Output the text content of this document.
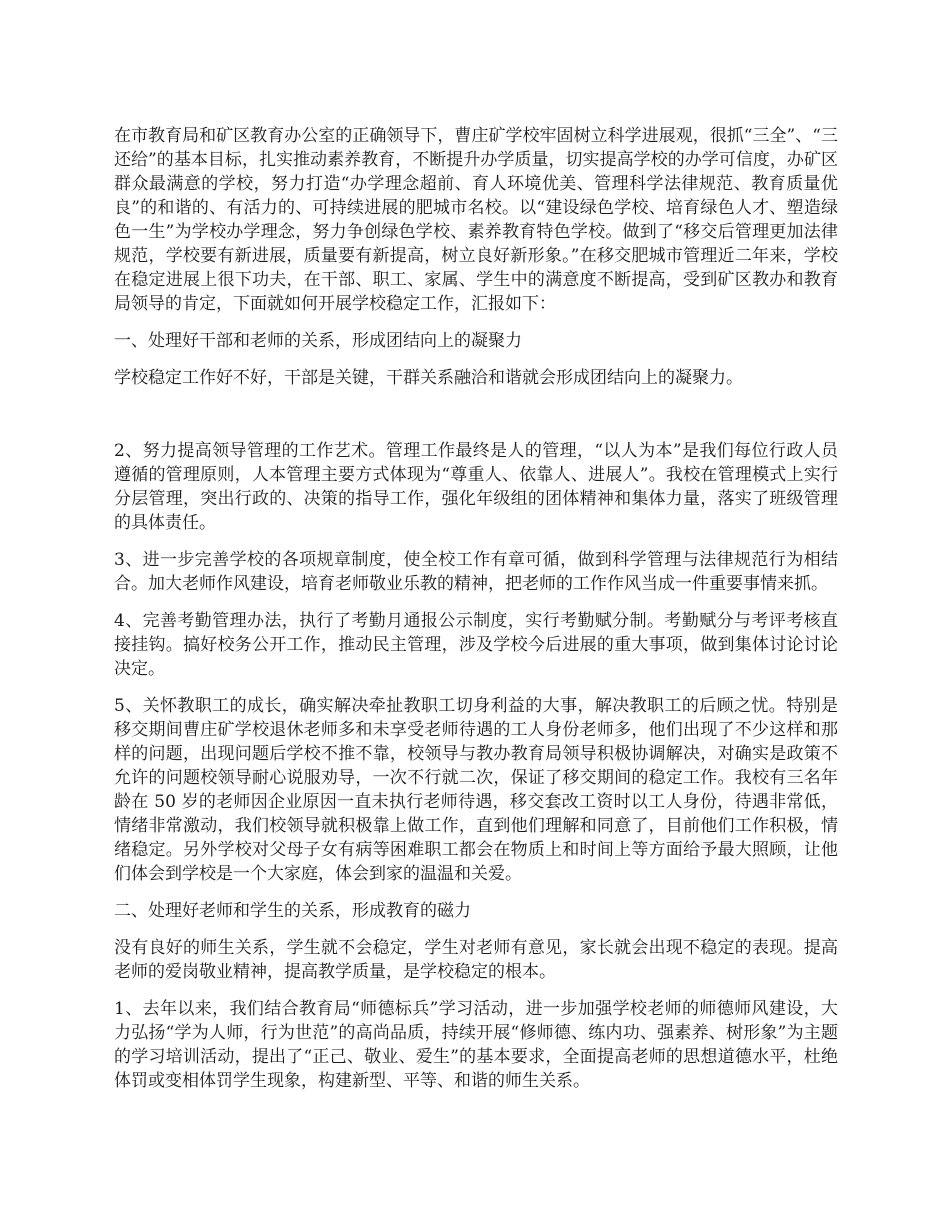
在市教育局和矿区教育办公室的正确领导下，曹庄矿学校牢固树立科学进展观，很抓“三全”、“三还给”的基本目标，扎实推动素养教育，不断提升办学质量，切实提高学校的办学可信度，办矿区群众最满意的学校，努力打造“办学理念超前、育人环境优美、管理科学法律规范、教育质量优良”的和谐的、有活力的、可持续进展的肥城市名校。以“建设绿色学校、培育绿色人才、塑造绿色一生”为学校办学理念，努力争创绿色学校、素养教育特色学校。做到了“移交后管理更加法律规范，学校要有新进展，质量要有新提高，树立良好新形象。”在移交肥城市管理近二年来，学校在稳定进展上很下功夫，在干部、职工、家属、学生中的满意度不断提高，受到矿区教办和教育局领导的肯定，下面就如何开展学校稳定工作，汇报如下：

一、处理好干部和老师的关系，形成团结向上的凝聚力

学校稳定工作好不好，干部是关键，干群关系融洽和谐就会形成团结向上的凝聚力。

2、努力提高领导管理的工作艺术。管理工作最终是人的管理，“以人为本”是我们每位行政人员遵循的管理原则，人本管理主要方式体现为“尊重人、依靠人、进展人”。我校在管理模式上实行分层管理，突出行政的、决策的指导工作，强化年级组的团体精神和集体力量，落实了班级管理的具体责任。

3、进一步完善学校的各项规章制度，使全校工作有章可循，做到科学管理与法律规范行为相结合。加大老师作风建设，培育老师敬业乐教的精神，把老师的工作作风当成一件重要事情来抓。

4、完善考勤管理办法，执行了考勤月通报公示制度，实行考勤赋分制。考勤赋分与考评考核直接挂钩。搞好校务公开工作，推动民主管理，涉及学校今后进展的重大事项，做到集体讨论讨论决定。

5、关怀教职工的成长，确实解决牵扯教职工切身利益的大事，解决教职工的后顾之忧。特别是移交期间曹庄矿学校退休老师多和未享受老师待遇的工人身份老师多，他们出现了不少这样和那样的问题，出现问题后学校不推不靠，校领导与教办教育局领导积极协调解决，对确实是政策不允许的问题校领导耐心说服劝导，一次不行就二次，保证了移交期间的稳定工作。我校有三名年龄在 50 岁的老师因企业原因一直未执行老师待遇，移交套改工资时以工人身份，待遇非常低，情绪非常激动，我们校领导就积极靠上做工作，直到他们理解和同意了，目前他们工作积极，情绪稳定。另外学校对父母子女有病等困难职工都会在物质上和时间上等方面给予最大照顾，让他们体会到学校是一个大家庭，体会到家的温温和关爱。

二、处理好老师和学生的关系，形成教育的磁力

没有良好的师生关系，学生就不会稳定，学生对老师有意见，家长就会出现不稳定的表现。提高老师的爱岗敬业精神，提高教学质量，是学校稳定的根本。

1、去年以来，我们结合教育局“师德标兵”学习活动，进一步加强学校老师的师德师风建设，大力弘扬“学为人师，行为世范”的高尚品质，持续开展“修师德、练内功、强素养、树形象”为主题的学习培训活动，提出了“正己、敬业、爱生”的基本要求，全面提高老师的思想道德水平，杜绝体罚或变相体罚学生现象，构建新型、平等、和谐的师生关系。
